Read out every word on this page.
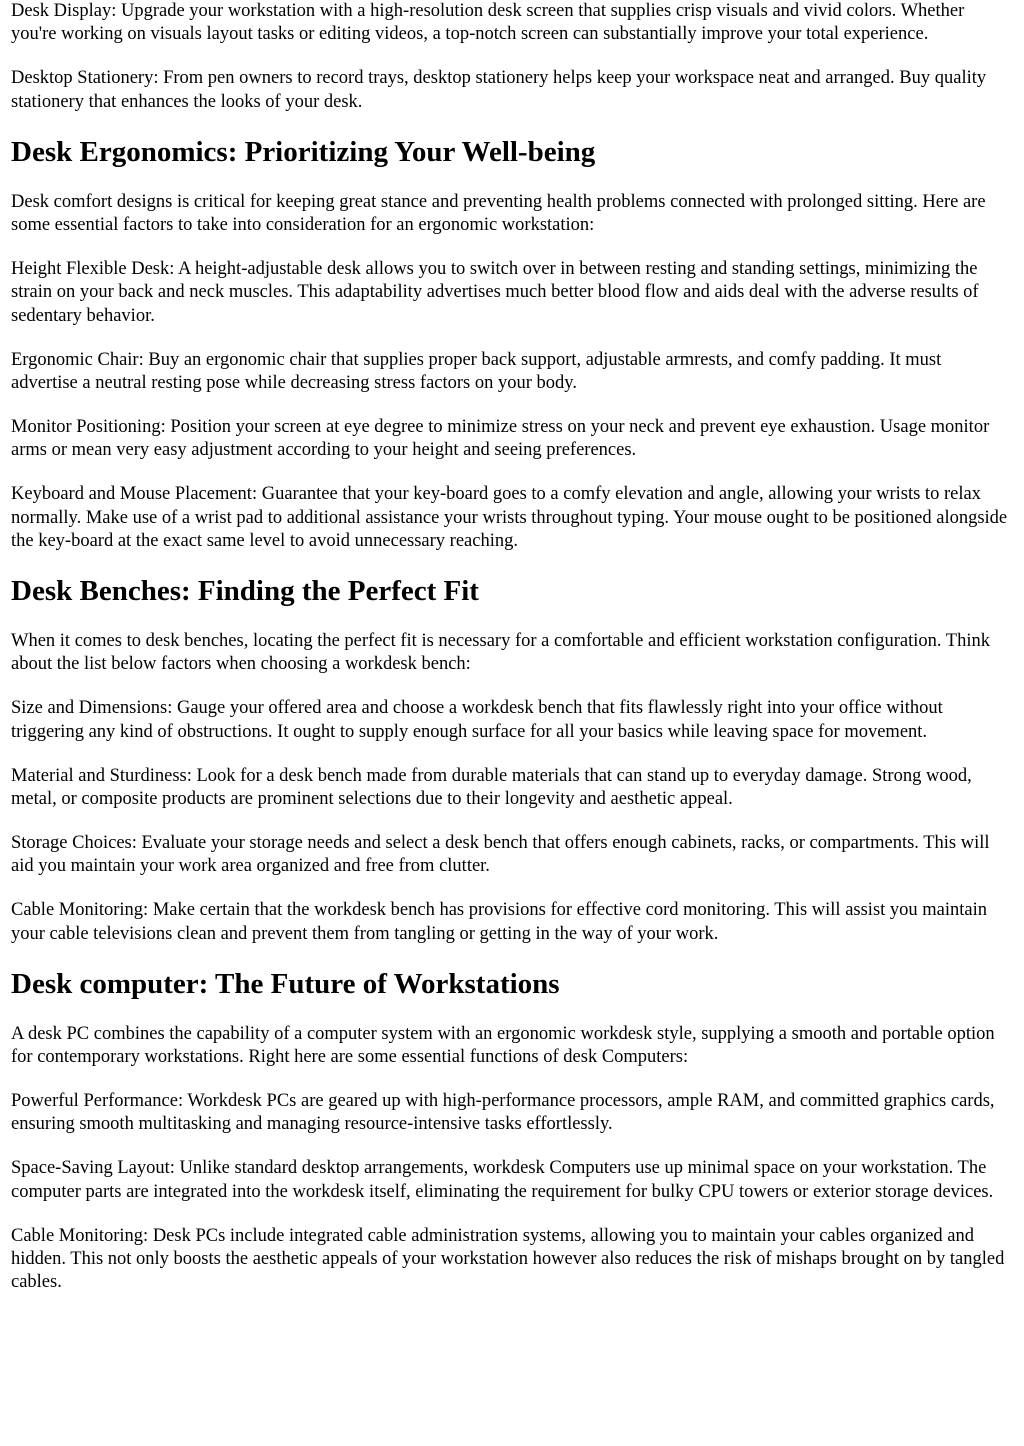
Desk Display: Upgrade your workstation with a high-resolution desk screen that supplies crisp visuals and vivid colors. Whether you're working on visuals layout tasks or editing videos, a top-notch screen can substantially improve your total experience.

Desktop Stationery: From pen owners to record trays, desktop stationery helps keep your workspace neat and arranged. Buy quality stationery that enhances the looks of your desk.

Desk Ergonomics: Prioritizing Your Well-being

Desk comfort designs is critical for keeping great stance and preventing health problems connected with prolonged sitting. Here are some essential factors to take into consideration for an ergonomic workstation:

Height Flexible Desk: A height-adjustable desk allows you to switch over in between resting and standing settings, minimizing the strain on your back and neck muscles. This adaptability advertises much better blood flow and aids deal with the adverse results of sedentary behavior.

Ergonomic Chair: Buy an ergonomic chair that supplies proper back support, adjustable armrests, and comfy padding. It must advertise a neutral resting pose while decreasing stress factors on your body.

Monitor Positioning: Position your screen at eye degree to minimize stress on your neck and prevent eye exhaustion. Usage monitor arms or mean very easy adjustment according to your height and seeing preferences.

Keyboard and Mouse Placement: Guarantee that your key-board goes to a comfy elevation and angle, allowing your wrists to relax normally. Make use of a wrist pad to additional assistance your wrists throughout typing. Your mouse ought to be positioned alongside the key-board at the exact same level to avoid unnecessary reaching.

Desk Benches: Finding the Perfect Fit

When it comes to desk benches, locating the perfect fit is necessary for a comfortable and efficient workstation configuration. Think about the list below factors when choosing a workdesk bench:

Size and Dimensions: Gauge your offered area and choose a workdesk bench that fits flawlessly right into your office without triggering any kind of obstructions. It ought to supply enough surface for all your basics while leaving space for movement.

Material and Sturdiness: Look for a desk bench made from durable materials that can stand up to everyday damage. Strong wood, metal, or composite products are prominent selections due to their longevity and aesthetic appeal.

Storage Choices: Evaluate your storage needs and select a desk bench that offers enough cabinets, racks, or compartments. This will aid you maintain your work area organized and free from clutter.

Cable Monitoring: Make certain that the workdesk bench has provisions for effective cord monitoring. This will assist you maintain your cable televisions clean and prevent them from tangling or getting in the way of your work.

Desk computer: The Future of Workstations

A desk PC combines the capability of a computer system with an ergonomic workdesk style, supplying a smooth and portable option for contemporary workstations. Right here are some essential functions of desk Computers:

Powerful Performance: Workdesk PCs are geared up with high-performance processors, ample RAM, and committed graphics cards, ensuring smooth multitasking and managing resource-intensive tasks effortlessly.

Space-Saving Layout: Unlike standard desktop arrangements, workdesk Computers use up minimal space on your workstation. The computer parts are integrated into the workdesk itself, eliminating the requirement for bulky CPU towers or exterior storage devices.

Cable Monitoring: Desk PCs include integrated cable administration systems, allowing you to maintain your cables organized and hidden. This not only boosts the aesthetic appeals of your workstation however also reduces the risk of mishaps brought on by tangled cables.
